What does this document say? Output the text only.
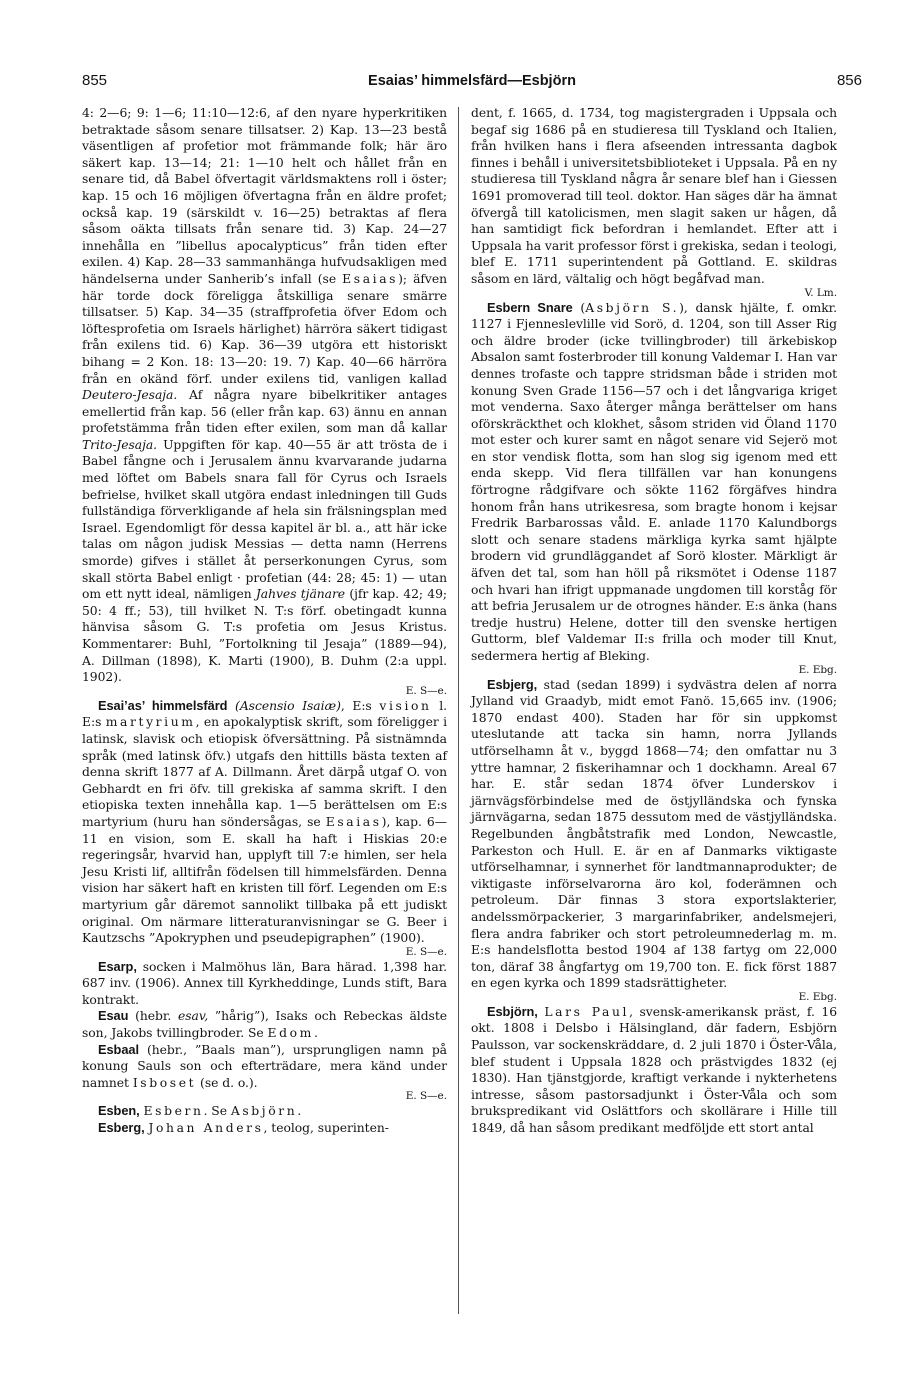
855	Esaias’ himmelsfärd—Esbjörn	856

4: 2—6; 9: 1—6; 11:10—12:6, af den nyare hyperkritiken betraktade såsom senare tillsatser. 2) Kap. 13—23 bestå väsentligen af profetior mot främmande folk; här äro säkert kap. 13—14; 21: 1—10 helt och hållet från en senare tid, då Babel öfvertagit världsmaktens roll i öster; kap. 15 och 16 möjligen öfvertagna från en äldre profet; också kap. 19 (särskildt v. 16—25) betraktas af flera såsom oäkta tillsats från senare tid. 3) Kap. 24—27 innehålla en ”libellus apocalypticus” från tiden efter exilen. 4) Kap. 28—33 sammanhänga hufvudsakligen med händelserna under Sanherib’s infall (se Esaias); äfven här torde dock föreligga åtskilliga senare smärre tillsatser. 5) Kap. 34—35 (straffprofetia öfver Edom och löftesprofetia om Israels härlighet) härröra säkert tidigast från exilens tid. 6) Kap. 36—39 utgöra ett historiskt bihang = 2 Kon. 18: 13—20: 19. 7) Kap. 40—66 härröra från en okänd förf. under exilens tid, vanligen kallad Deutero-Jesaja. Af några nyare bibelkritiker antages emellertid från kap. 56 (eller från kap. 63) ännu en annan profetstämma från tiden efter exilen, som man då kallar Trito-Jesaja. Uppgiften för kap. 40—55 är att trösta de i Babel fångne och i Jerusalem ännu kvarvarande judarna med löftet om Babels snara fall för Cyrus och Israels befrielse, hvilket skall utgöra endast inledningen till Guds fullständiga förverkligande af hela sin frälsningsplan med Israel. Egendomligt för dessa kapitel är bl. a., att här icke talas om någon judisk Messias — detta namn (Herrens smorde) gifves i stället åt perserkonungen Cyrus, som skall störta Babel enligt · profetian (44: 28; 45: 1) — utan om ett nytt ideal, nämligen Jahves tjänare (jfr kap. 42; 49; 50: 4 ff.; 53), till hvilket N. T:s förf. obetingadt kunna hänvisa såsom G. T:s profetia om Jesus Kristus. Kommentarer: Buhl, ”Fortolkning til Jesaja” (1889—94), A. Dillman (1898), K. Marti (1900), B. Duhm (2:a uppl. 1902).
E. S—e.

Esai’as’ himmelsfärd (Ascensio Isaiæ), E:s vision l. E:s martyrium, en apokalyptisk skrift, som föreligger i latinsk, slavisk och etiopisk öfversättning. På sistnämnda språk (med latinsk öfv.) utgafs den hittills bästa texten af denna skrift 1877 af A. Dillmann. Året därpå utgaf O. von Gebhardt en fri öfv. till grekiska af samma skrift. I den etiopiska texten innehålla kap. 1—5 berättelsen om E:s martyrium (huru han söndersågas, se Esaias), kap. 6—11 en vision, som E. skall ha haft i Hiskias 20:e regeringsår, hvarvid han, upplyft till 7:e himlen, ser hela Jesu Kristi lif, alltifrån födelsen till himmelsfärden. Denna vision har säkert haft en kristen till förf. Legenden om E:s martyrium går däremot sannolikt tillbaka på ett judiskt original. Om närmare litteraturanvisningar se G. Beer i Kautzschs ”Apokryphen und pseudepigraphen” (1900).
E. S—e.

Esarp, socken i Malmöhus län, Bara härad. 1,398 har. 687 inv. (1906). Annex till Kyrkheddinge, Lunds stift, Bara kontrakt.

Esau (hebr. esav, ”hårig”), Isaks och Rebeckas äldste son, Jakobs tvillingbroder. Se Edom.

Esbaal (hebr., ”Baals man”), ursprungligen namn på konung Sauls son och efterträdare, mera känd under namnet Isboset (se d. o.).
E. S—e.

Esben, Esbern. Se Asbjörn.

Esberg, Johan Anders, teolog, superinten-

dent, f. 1665, d. 1734, tog magistergraden i Uppsala och begaf sig 1686 på en studieresa till Tyskland och Italien, från hvilken hans i flera afseenden intressanta dagbok finnes i behåll i universitetsbiblioteket i Uppsala. På en ny studieresa till Tyskland några år senare blef han i Giessen 1691 promoverad till teol. doktor. Han säges där ha ämnat öfvergå till katolicismen, men slagit saken ur hågen, då han samtidigt fick befordran i hemlandet. Efter att i Uppsala ha varit professor först i grekiska, sedan i teologi, blef E. 1711 superintendent på Gottland. E. skildras såsom en lärd, vältalig och högt begåfvad man.
V. Lm.

Esbern Snare (Asbjörn S.), dansk hjälte, f. omkr. 1127 i Fjenneslevlille vid Sorö, d. 1204, son till Asser Rig och äldre broder (icke tvillingbroder) till ärkebiskop Absalon samt fosterbroder till konung Valdemar I. Han var dennes trofaste och tappre stridsman både i striden mot konung Sven Grade 1156—57 och i det långvariga kriget mot venderna. Saxo återger många berättelser om hans oförskräckthet och klokhet, såsom striden vid Öland 1170 mot ester och kurer samt en något senare vid Sejerö mot en stor vendisk flotta, som han slog sig igenom med ett enda skepp. Vid flera tillfällen var han konungens förtrogne rådgifvare och sökte 1162 förgäfves hindra honom från hans utrikesresa, som bragte honom i kejsar Fredrik Barbarossas våld. E. anlade 1170 Kalundborgs slott och senare stadens märkliga kyrka samt hjälpte brodern vid grundläggandet af Sorö kloster. Märkligt är äfven det tal, som han höll på riksmötet i Odense 1187 och hvari han ifrigt uppmanade ungdomen till korståg för att befria Jerusalem ur de otrognes händer. E:s änka (hans tredje hustru) Helene, dotter till den svenske hertigen Guttorm, blef Valdemar II:s frilla och moder till Knut, sedermera hertig af Bleking.
E. Ebg.

Esbjerg, stad (sedan 1899) i sydvästra delen af norra Jylland vid Graadyb, midt emot Fanö. 15,665 inv. (1906; 1870 endast 400). Staden har för sin uppkomst uteslutande att tacka sin hamn, norra Jyllands utförselhamn åt v., byggd 1868—74; den omfattar nu 3 yttre hamnar, 2 fiskerihamnar och 1 dockhamn. Areal 67 har. E. står sedan 1874 öfver Lunderskov i järnvägsförbindelse med de östjylländska och fynska järnvägarna, sedan 1875 dessutom med de västjylländska. Regelbunden ångbåtstrafik med London, Newcastle, Parkeston och Hull. E. är en af Danmarks viktigaste utförselhamnar, i synnerhet för landtmannaprodukter; de viktigaste införselvarorna äro kol, foderämnen och petroleum. Där finnas 3 stora exportslakterier, andelssmörpackerier, 3 margarinfabriker, andelsmejeri, flera andra fabriker och stort petroleumnederlag m. m. E:s handelsflotta bestod 1904 af 138 fartyg om 22,000 ton, däraf 38 ångfartyg om 19,700 ton. E. fick först 1887 en egen kyrka och 1899 stadsrättigheter.
E. Ebg.

Esbjörn, Lars Paul, svensk-amerikansk präst, f. 16 okt. 1808 i Delsbo i Hälsingland, där fadern, Esbjörn Paulsson, var sockenskräddare, d. 2 juli 1870 i Öster-Våla, blef student i Uppsala 1828 och prästvigdes 1832 (ej 1830). Han tjänstgjorde, kraftigt verkande i nykterhetens intresse, såsom pastorsadjunkt i Öster-Våla och som brukspredikant vid Oslättfors och skollärare i Hille till 1849, då han såsom predikant medföljde ett stort antal
